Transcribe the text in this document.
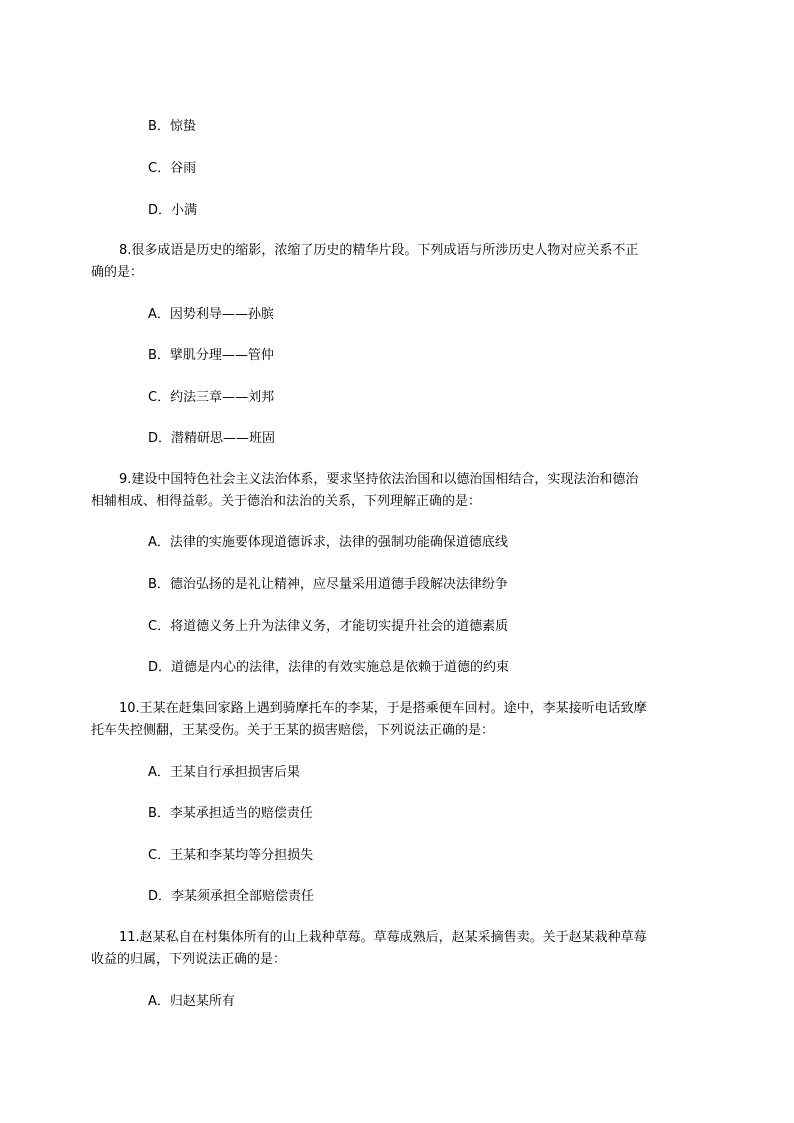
B．惊蛰
C．谷雨
D．小满
8.很多成语是历史的缩影，浓缩了历史的精华片段。下列成语与所涉历史人物对应关系不正确的是：
A．因势利导——孙膑
B．擘肌分理——管仲
C．约法三章——刘邦
D．潜精研思——班固
9.建设中国特色社会主义法治体系，要求坚持依法治国和以德治国相结合，实现法治和德治相辅相成、相得益彰。关于德治和法治的关系，下列理解正确的是：
A．法律的实施要体现道德诉求，法律的强制功能确保道德底线
B．德治弘扬的是礼让精神，应尽量采用道德手段解决法律纷争
C．将道德义务上升为法律义务，才能切实提升社会的道德素质
D．道德是内心的法律，法律的有效实施总是依赖于道德的约束
10.王某在赶集回家路上遇到骑摩托车的李某，于是搭乘便车回村。途中，李某接听电话致摩托车失控侧翻，王某受伤。关于王某的损害赔偿，下列说法正确的是：
A．王某自行承担损害后果
B．李某承担适当的赔偿责任
C．王某和李某均等分担损失
D．李某须承担全部赔偿责任
11.赵某私自在村集体所有的山上栽种草莓。草莓成熟后，赵某采摘售卖。关于赵某栽种草莓收益的归属，下列说法正确的是：
A．归赵某所有
